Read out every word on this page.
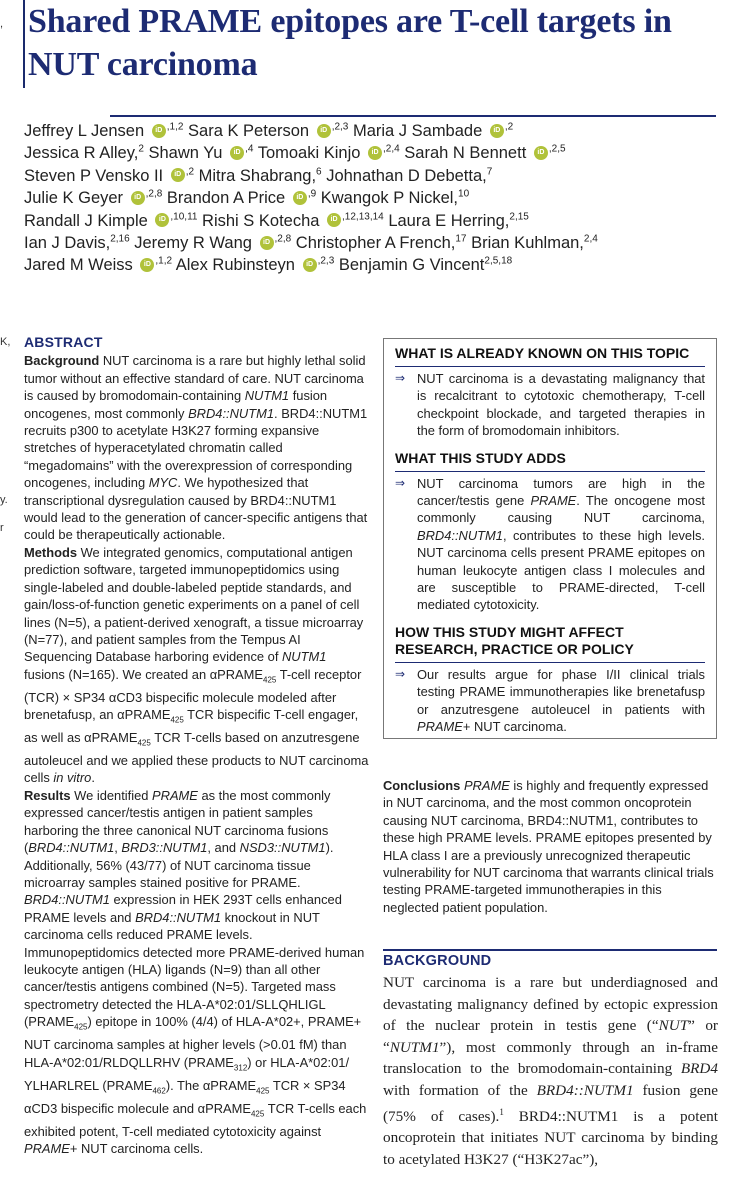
Shared PRAME epitopes are T-cell targets in NUT carcinoma
Jeffrey L Jensen iD $^{,1,2}$ Sara K Peterson iD $^{,2,3}$ Maria J Sambade iD $^{,2}$
Jessica R Alley,$^2$ Shawn Yu iD $^{,4}$ Tomoaki Kinjo iD $^{,2,4}$ Sarah N Bennett iD $^{,2,5}$
Steven P Vensko II iD $^{,2}$ Mitra Shabrang,$^6$ Johnathan D Debetta,$^7$
Julie K Geyer iD $^{,2,8}$ Brandon A Price iD $^{,9}$ Kwangok P Nickel,$^{10}$
Randall J Kimple iD $^{,10,11}$ Rishi S Kotecha iD $^{,12,13,14}$ Laura E Herring,$^{2,15}$
Ian J Davis,$^{2,16}$ Jeremy R Wang iD $^{,2,8}$ Christopher A French,$^{17}$ Brian Kuhlman,$^{2,4}$
Jared M Weiss iD $^{,1,2}$ Alex Rubinsteyn iD $^{,2,3}$ Benjamin G Vincent$^{2,5,18}$
,
K,
y.
r
ABSTRACT

Background NUT carcinoma is a rare but highly lethal solid tumor without an effective standard of care. NUT carcinoma is caused by bromodomain-containing NUTM1 fusion oncogenes, most commonly BRD4::NUTM1. BRD4::NUTM1 recruits p300 to acetylate H3K27 forming expansive stretches of hyperacetylated chromatin called “megadomains” with the overexpression of corresponding oncogenes, including MYC. We hypothesized that transcriptional dysregulation caused by BRD4::NUTM1 would lead to the generation of cancer-specific antigens that could be therapeutically actionable.

Methods We integrated genomics, computational antigen prediction software, targeted immunopeptidomics using single-labeled and double-labeled peptide standards, and gain/loss-of-function genetic experiments on a panel of cell lines (N=5), a patient-derived xenograft, a tissue microarray (N=77), and patient samples from the Tempus AI Sequencing Database harboring evidence of NUTM1 fusions (N=165). We created an αPRAME$_{425}$ T-cell receptor (TCR) × SP34 αCD3 bispecific molecule modeled after brenetafusp, an αPRAME$_{425}$ TCR bispecific T-cell engager, as well as αPRAME$_{425}$ TCR T-cells based on anzutresgene autoleucel and we applied these products to NUT carcinoma cells in vitro.

Results We identified PRAME as the most commonly expressed cancer/testis antigen in patient samples harboring the three canonical NUT carcinoma fusions (BRD4::NUTM1, BRD3::NUTM1, and NSD3::NUTM1). Additionally, 56% (43/77) of NUT carcinoma tissue microarray samples stained positive for PRAME. BRD4::NUTM1 expression in HEK 293T cells enhanced PRAME levels and BRD4::NUTM1 knockout in NUT carcinoma cells reduced PRAME levels. Immunopeptidomics detected more PRAME-derived human leukocyte antigen (HLA) ligands (N=9) than all other cancer/testis antigens combined (N=5). Targeted mass spectrometry detected the HLA-A*02:01/SLLQHLIGL $(PRAME_{425})$ epitope in 100% (4/4) of HLA-A*02+, PRAME+ NUT carcinoma samples at higher levels (>0.01 fM) than HLA-A*02:01/RLDQLLRHV $(PRAME_{312})$ or HLA-A*02:01/ YLHARLREL $(PRAME_{462})$. The αPRAME$_{425}$ TCR × SP34 αCD3 bispecific molecule and αPRAME$_{425}$ TCR T-cells each exhibited potent, T-cell mediated cytotoxicity against PRAME+ NUT carcinoma cells.

WHAT IS ALREADY KNOWN ON THIS TOPIC
⇒ NUT carcinoma is a devastating malignancy that is recalcitrant to cytotoxic chemotherapy, T-cell checkpoint blockade, and targeted therapies in the form of bromodomain inhibitors.
WHAT THIS STUDY ADDS
⇒ NUT carcinoma tumors are high in the cancer/testis gene PRAME. The oncogene most commonly causing NUT carcinoma, BRD4::NUTM1, contributes to these high levels. NUT carcinoma cells present PRAME epitopes on human leukocyte antigen class I molecules and are susceptible to PRAME-directed, T-cell mediated cytotoxicity.
HOW THIS STUDY MIGHT AFFECT RESEARCH, PRACTICE OR POLICY
⇒ Our results argue for phase I/II clinical trials testing PRAME immunotherapies like brenetafusp or anzutresgene autoleucel in patients with PRAME+ NUT carcinoma.

Conclusions PRAME is highly and frequently expressed in NUT carcinoma, and the most common oncoprotein causing NUT carcinoma, BRD4::NUTM1, contributes to these high PRAME levels. PRAME epitopes presented by HLA class I are a previously unrecognized therapeutic vulnerability for NUT carcinoma that warrants clinical trials testing PRAME-targeted immunotherapies in this neglected patient population.

BACKGROUND

NUT carcinoma is a rare but underdiagnosed and devastating malignancy defined by ectopic expression of the nuclear protein in testis gene (“NUT” or “NUTM1”), most commonly through an in-frame translocation to the bromodomain-containing BRD4 with formation of the BRD4::NUTM1 fusion gene (75% of cases).$^1$ BRD4::NUTM1 is a potent oncoprotein that initiates NUT carcinoma by binding to acetylated H3K27 (“H3K27ac”),
